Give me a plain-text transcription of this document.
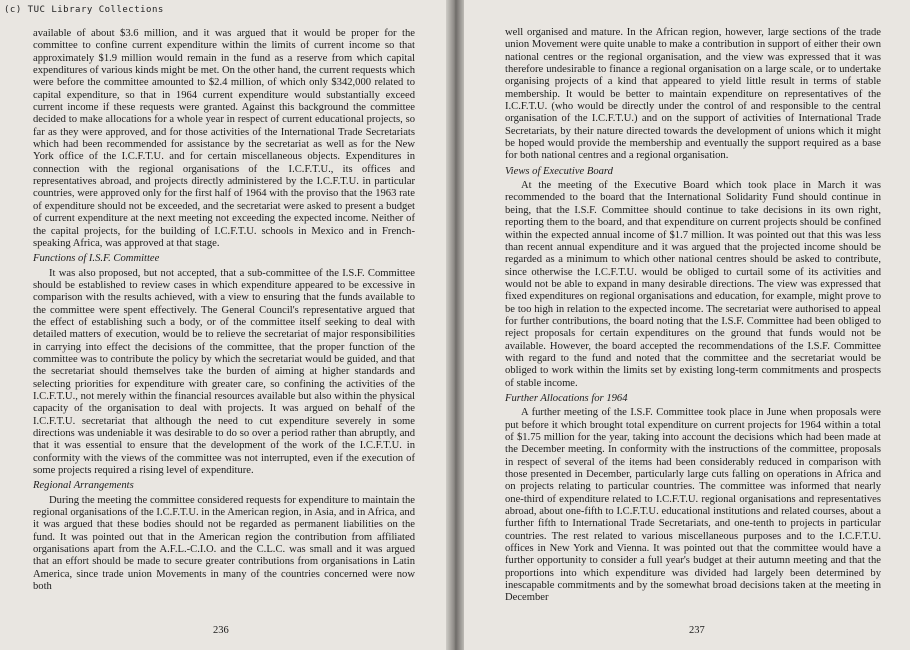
(c) TUC Library Collections

available of about $3.6 million, and it was argued that it would be proper for the committee to confine current expenditure within the limits of current income so that approximately $1.9 million would remain in the fund as a reserve from which capital expenditures of various kinds might be met. On the other hand, the current requests which were before the committee amounted to $2.4 million, of which only $342,000 related to capital expenditure, so that in 1964 current expenditure would substantially exceed current income if these requests were granted. Against this background the committee decided to make allocations for a whole year in respect of current educational projects, so far as they were approved, and for those activities of the International Trade Secretariats which had been recommended for assistance by the secretariat as well as for the New York office of the I.C.F.T.U. and for certain miscellaneous objects. Expenditures in connection with the regional organisations of the I.C.F.T.U., its offices and representatives abroad, and projects directly administered by the I.C.F.T.U. in particular countries, were approved only for the first half of 1964 with the proviso that the 1963 rate of expenditure should not be exceeded, and the secretariat were asked to present a budget of current expenditure at the next meeting not exceeding the expected income. Neither of the capital projects, for the building of I.C.F.T.U. schools in Mexico and in French-speaking Africa, was approved at that stage.

Functions of I.S.F. Committee

It was also proposed, but not accepted, that a sub-committee of the I.S.F. Committee should be established to review cases in which expenditure appeared to be excessive in comparison with the results achieved, with a view to ensuring that the funds available to the committee were spent effectively. The General Council's representative argued that the effect of establishing such a body, or of the committee itself seeking to deal with detailed matters of execution, would be to relieve the secretariat of major responsibilities in carrying into effect the decisions of the committee, that the proper function of the committee was to contribute the policy by which the secretariat would be guided, and that the secretariat should themselves take the burden of aiming at higher standards and selecting priorities for expenditure with greater care, so confining the activities of the I.C.F.T.U., not merely within the financial resources available but also within the physical capacity of the organisation to deal with projects. It was argued on behalf of the I.C.F.T.U. secretariat that although the need to cut expenditure severely in some directions was undeniable it was desirable to do so over a period rather than abruptly, and that it was essential to ensure that the development of the work of the I.C.F.T.U. in conformity with the views of the committee was not interrupted, even if the execution of some projects required a rising level of expenditure.

Regional Arrangements

During the meeting the committee considered requests for expenditure to maintain the regional organisations of the I.C.F.T.U. in the American region, in Asia, and in Africa, and it was argued that these bodies should not be regarded as permanent liabilities on the fund. It was pointed out that in the American region the contribution from affiliated organisations apart from the A.F.L.-C.I.O. and the C.L.C. was small and it was argued that an effort should be made to secure greater contributions from organisations in Latin America, since trade union Movements in many of the countries concerned were now both

236

well organised and mature. In the African region, however, large sections of the trade union Movement were quite unable to make a contribution in support of either their own national centres or the regional organisation, and the view was expressed that it was therefore undesirable to finance a regional organisation on a large scale, or to undertake organising projects of a kind that appeared to yield little result in terms of stable membership. It would be better to maintain expenditure on representatives of the I.C.F.T.U. (who would be directly under the control of and responsible to the central organisation of the I.C.F.T.U.) and on the support of activities of International Trade Secretariats, by their nature directed towards the development of unions which it might be hoped would provide the membership and eventually the support required as a base for both national centres and a regional organisation.

Views of Executive Board

At the meeting of the Executive Board which took place in March it was recommended to the board that the International Solidarity Fund should continue in being, that the I.S.F. Committee should continue to take decisions in its own right, reporting them to the board, and that expenditure on current projects should be confined within the expected annual income of $1.7 million. It was pointed out that this was less than recent annual expenditure and it was argued that the projected income should be regarded as a minimum to which other national centres should be asked to contribute, since otherwise the I.C.F.T.U. would be obliged to curtail some of its activities and would not be able to expand in many desirable directions. The view was expressed that fixed expenditures on regional organisations and education, for example, might prove to be too high in relation to the expected income. The secretariat were authorised to appeal for further contributions, the board noting that the I.S.F. Committee had been obliged to reject proposals for certain expenditures on the ground that funds would not be available. However, the board accepted the recommendations of the I.S.F. Committee with regard to the fund and noted that the committee and the secretariat would be obliged to work within the limits set by existing long-term commitments and prospects of stable income.

Further Allocations for 1964

A further meeting of the I.S.F. Committee took place in June when proposals were put before it which brought total expenditure on current projects for 1964 within a total of $1.75 million for the year, taking into account the decisions which had been made at the December meeting. In conformity with the instructions of the committee, proposals in respect of several of the items had been considerably reduced in comparison with those presented in December, particularly large cuts falling on operations in Africa and on projects relating to particular countries. The committee was informed that nearly one-third of expenditure related to I.C.F.T.U. regional organisations and representatives abroad, about one-fifth to I.C.F.T.U. educational institutions and related courses, about a further fifth to International Trade Secretariats, and one-tenth to projects in particular countries. The rest related to various miscellaneous purposes and to the I.C.F.T.U. offices in New York and Vienna. It was pointed out that the committee would have a further opportunity to consider a full year's budget at their autumn meeting and that the proportions into which expenditure was divided had largely been determined by inescapable commitments and by the somewhat broad decisions taken at the meeting in December

237
